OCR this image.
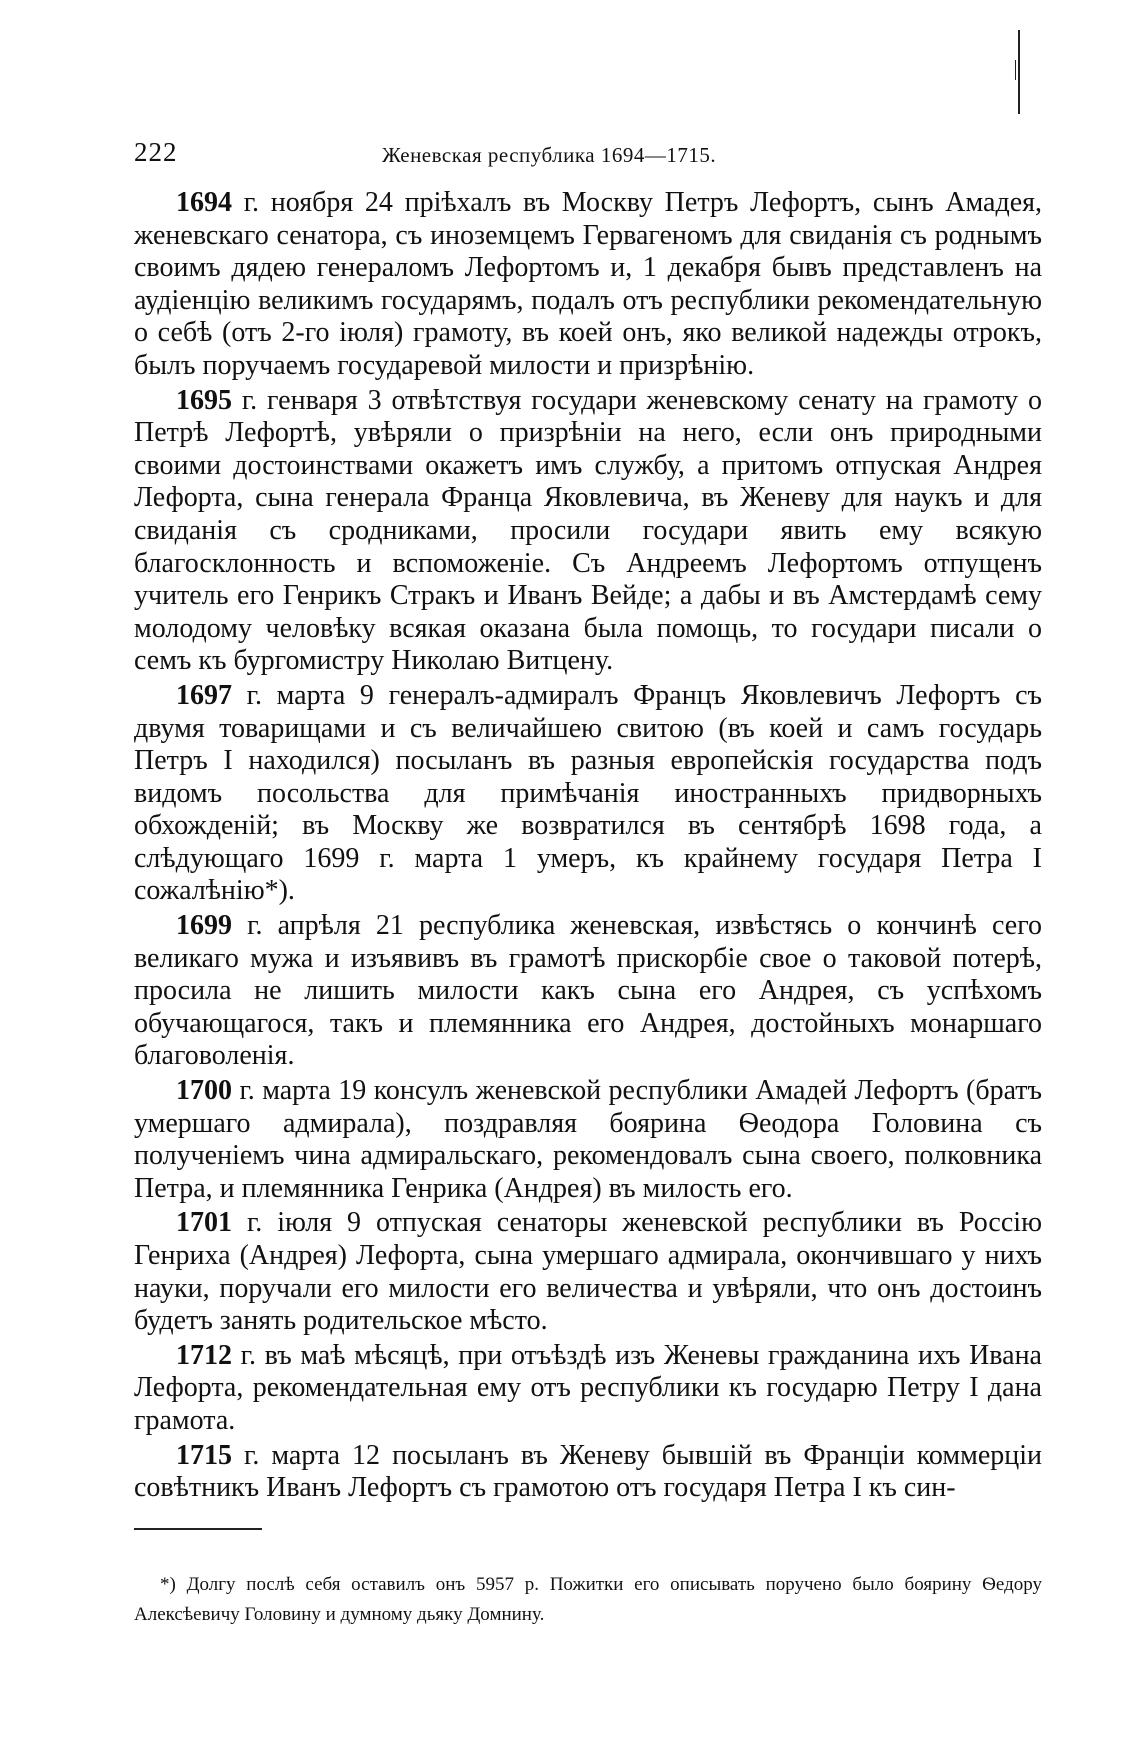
222	Женевская республика 1694—1715.

1694 г. ноября 24 пріѣхалъ въ Москву Петръ Лефортъ, сынъ Амадея, женевскаго сенатора, съ иноземцемъ Гервагеномъ для свиданія съ роднымъ своимъ дядею генераломъ Лефортомъ и, 1 декабря бывъ представленъ на аудіенцію великимъ государямъ, подалъ отъ республики рекомендательную о себѣ (отъ 2-го іюля) грамоту, въ коей онъ, яко великой надежды отрокъ, былъ поручаемъ государевой милости и призрѣнію.

1695 г. генваря 3 отвѣтствуя государи женевскому сенату на грамоту о Петрѣ Лефортѣ, увѣряли о призрѣніи на него, если онъ природными своими достоинствами окажетъ имъ службу, а притомъ отпуская Андрея Лефорта, сына генерала Франца Яковлевича, въ Женеву для наукъ и для свиданія съ сродниками, просили государи явить ему всякую благосклонность и вспоможеніе. Съ Андреемъ Лефортомъ отпущенъ учитель его Генрикъ Стракъ и Иванъ Вейде; а дабы и въ Амстердамѣ сему молодому человѣку всякая оказана была помощь, то государи писали о семъ къ бургомистру Николаю Витцену.

1697 г. марта 9 генералъ-адмиралъ Францъ Яковлевичъ Лефортъ съ двумя товарищами и съ величайшею свитою (въ коей и самъ государь Петръ I находился) посыланъ въ разныя европейскія государства подъ видомъ посольства для примѣчанія иностранныхъ придворныхъ обхожденій; въ Москву же возвратился въ сентябрѣ 1698 года, а слѣдующаго 1699 г. марта 1 умеръ, къ крайнему государя Петра I сожалѣнію*).

1699 г. апрѣля 21 республика женевская, извѣстясь о кончинѣ сего великаго мужа и изъявивъ въ грамотѣ прискорбіе свое о таковой потерѣ, просила не лишить милости какъ сына его Андрея, съ успѣхомъ обучающагося, такъ и племянника его Андрея, достойныхъ монаршаго благоволенія.

1700 г. марта 19 консулъ женевской республики Амадей Лефортъ (братъ умершаго адмирала), поздравляя боярина Ѳеодора Головина съ полученіемъ чина адмиральскаго, рекомендовалъ сына своего, полковника Петра, и племянника Генрика (Андрея) въ милость его.

1701 г. іюля 9 отпуская сенаторы женевской республики въ Россію Генриха (Андрея) Лефорта, сына умершаго адмирала, окончившаго у нихъ науки, поручали его милости его величества и увѣряли, что онъ достоинъ будетъ занять родительское мѣсто.

1712 г. въ маѣ мѣсяцѣ, при отъѣздѣ изъ Женевы гражданина ихъ Ивана Лефорта, рекомендательная ему отъ республики къ государю Петру I дана грамота.

1715 г. марта 12 посыланъ въ Женеву бывшій въ Франціи коммерціи совѣтникъ Иванъ Лефортъ съ грамотою отъ государя Петра I къ син-

*) Долгу послѣ себя оставилъ онъ 5957 р. Пожитки его описывать поручено было боярину Ѳедору Алексѣевичу Головину и думному дьяку Домнину.
